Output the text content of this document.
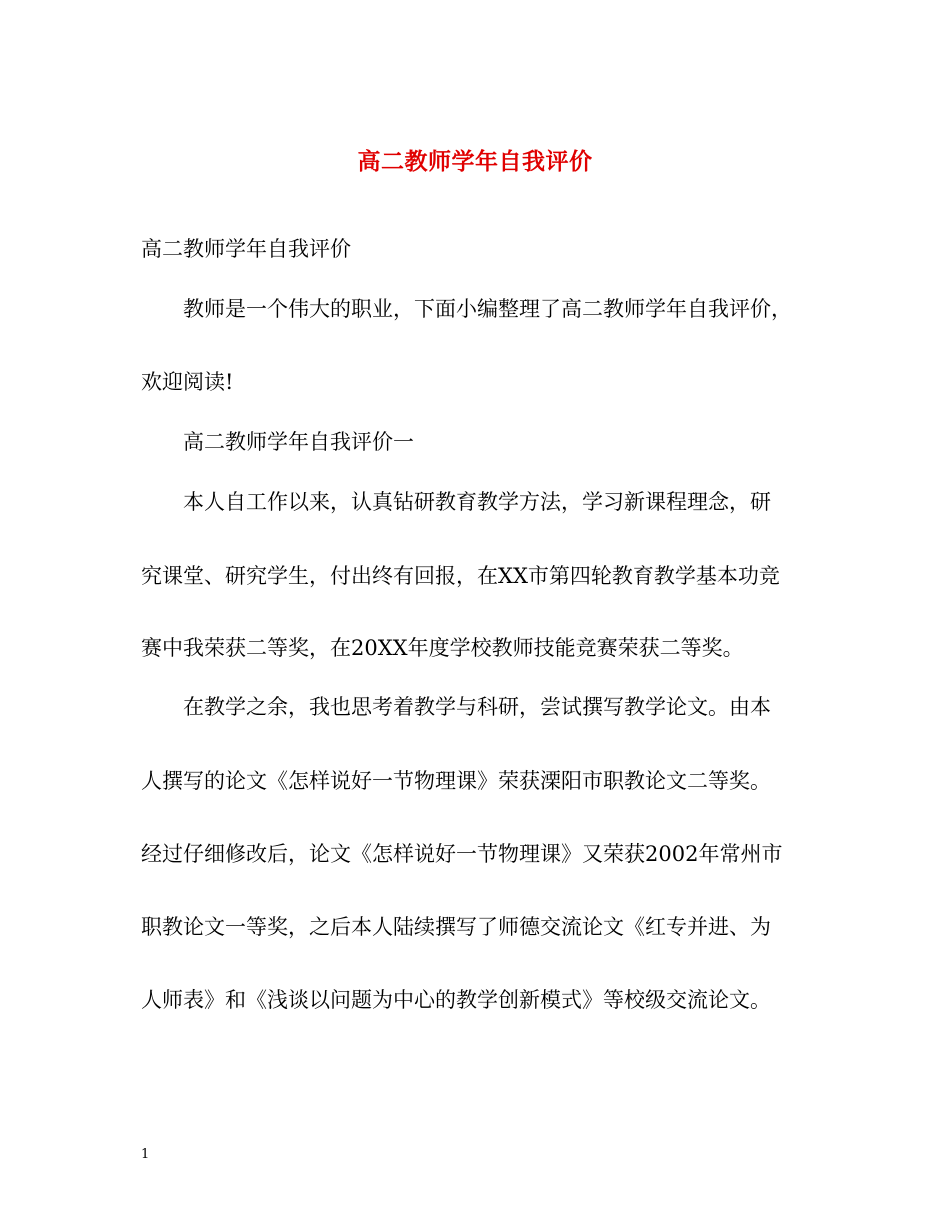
高二教师学年自我评价

高二教师学年自我评价

教师是一个伟大的职业，下面小编整理了高二教师学年自我评价，

欢迎阅读!

高二教师学年自我评价一

本人自工作以来，认真钻研教育教学方法，学习新课程理念，研

究课堂、研究学生，付出终有回报，在XX市第四轮教育教学基本功竞

赛中我荣获二等奖，在20XX年度学校教师技能竞赛荣获二等奖。

在教学之余，我也思考着教学与科研，尝试撰写教学论文。由本

人撰写的论文《怎样说好一节物理课》荣获溧阳市职教论文二等奖。

经过仔细修改后，论文《怎样说好一节物理课》又荣获2002年常州市

职教论文一等奖，之后本人陆续撰写了师德交流论文《红专并进、为

人师表》和《浅谈以问题为中心的教学创新模式》等校级交流论文。

1
